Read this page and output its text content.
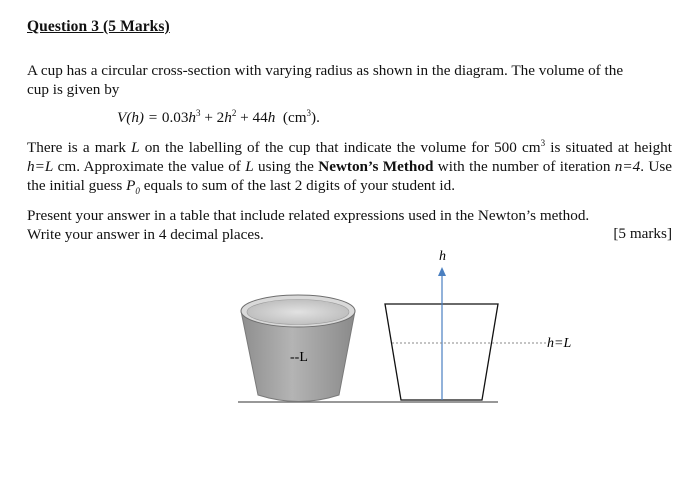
Question 3 (5 Marks)
A cup has a circular cross-section with varying radius as shown in the diagram. The volume of the
cup is given by
$V(h) = 0.03h^3 + 2h^2 + 44h$  $(cm^3)$.
There is a mark L on the labelling of the cup that indicate the volume for 500 $cm^3$ is situated at height h=L cm. Approximate the value of L using the Newton’s Method with the number of iteration n=4. Use the initial guess $P_0$ equals to sum of the last 2 digits of your student id.
Present your answer in a table that include related expressions used in the Newton’s method.
Write your answer in 4 decimal places.	[5 marks]
--L
h
h=L
